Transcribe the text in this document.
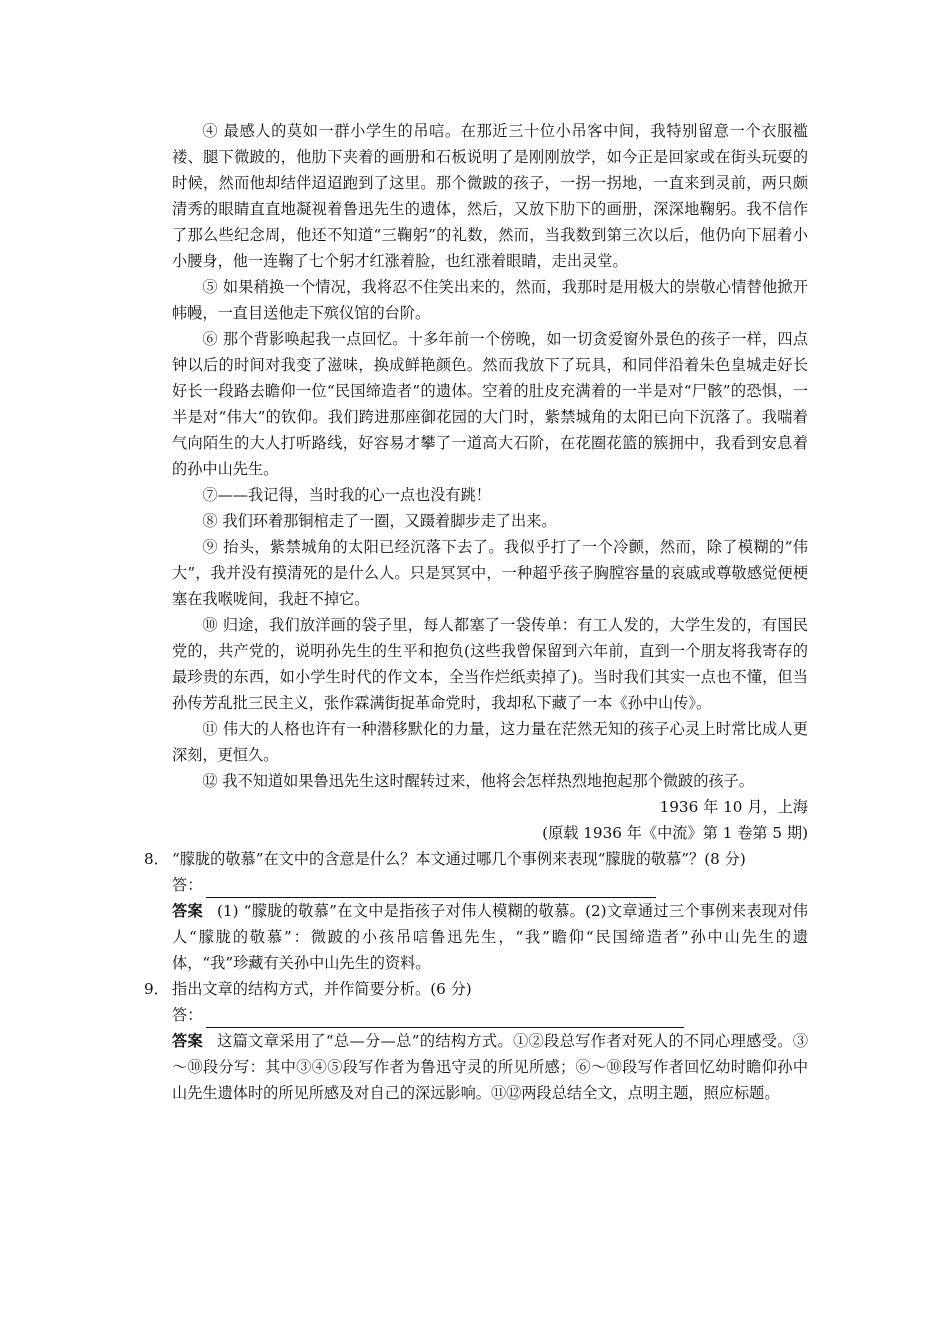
④ 最感人的莫如一群小学生的吊唁。在那近三十位小吊客中间，我特别留意一个衣服褴褛、腿下微跛的，他肋下夹着的画册和石板说明了是刚刚放学，如今正是回家或在街头玩耍的时候，然而他却结伴迢迢跑到了这里。那个微跛的孩子，一拐一拐地，一直来到灵前，两只颇清秀的眼睛直直地凝视着鲁迅先生的遗体，然后，又放下肋下的画册，深深地鞠躬。我不信作了那么些纪念周，他还不知道“三鞠躬”的礼数，然而，当我数到第三次以后，他仍向下屈着小小腰身，他一连鞠了七个躬才红涨着脸，也红涨着眼睛，走出灵堂。

⑤ 如果稍换一个情况，我将忍不住笑出来的，然而，我那时是用极大的崇敬心情替他掀开帏幔，一直目送他走下殡仪馆的台阶。

⑥ 那个背影唤起我一点回忆。十多年前一个傍晚，如一切贪爱窗外景色的孩子一样，四点钟以后的时间对我变了滋味，换成鲜艳颜色。然而我放下了玩具，和同伴沿着朱色皇城走好长好长一段路去瞻仰一位“民国缔造者”的遗体。空着的肚皮充满着的一半是对“尸骸”的恐惧，一半是对“伟大”的钦仰。我们跨进那座御花园的大门时，紫禁城角的太阳已向下沉落了。我喘着气向陌生的大人打听路线，好容易才攀了一道高大石阶，在花圈花篮的簇拥中，我看到安息着的孙中山先生。

⑦——我记得，当时我的心一点也没有跳！

⑧ 我们环着那铜棺走了一圈，又蹑着脚步走了出来。

⑨ 抬头，紫禁城角的太阳已经沉落下去了。我似乎打了一个冷颤，然而，除了模糊的“伟大”，我并没有摸清死的是什么人。只是冥冥中，一种超乎孩子胸膛容量的哀戚或尊敬感觉便梗塞在我喉咙间，我赶不掉它。

⑩ 归途，我们放洋画的袋子里，每人都塞了一袋传单：有工人发的，大学生发的，有国民党的，共产党的，说明孙先生的生平和抱负(这些我曾保留到六年前，直到一个朋友将我寄存的最珍贵的东西，如小学生时代的作文本，全当作烂纸卖掉了)。当时我们其实一点也不懂，但当孙传芳乱批三民主义，张作霖满街捉革命党时，我却私下藏了一本《孙中山传》。

⑪ 伟大的人格也许有一种潜移默化的力量，这力量在茫然无知的孩子心灵上时常比成人更深刻，更恒久。

⑫ 我不知道如果鲁迅先生这时醒转过来，他将会怎样热烈地抱起那个微跛的孩子。

1936 年 10 月，上海

(原载 1936 年《中流》第 1 卷第 5 期)

8． “朦胧的敬慕”在文中的含意是什么？本文通过哪几个事例来表现“朦胧的敬慕”？(8 分)

答：

答案 (1) “朦胧的敬慕”在文中是指孩子对伟人模糊的敬慕。(2)文章通过三个事例来表现对伟人“朦胧的敬慕”：微跛的小孩吊唁鲁迅先生，“我”瞻仰“民国缔造者”孙中山先生的遗体，“我”珍藏有关孙中山先生的资料。

9． 指出文章的结构方式，并作简要分析。(6 分)

答：

答案 这篇文章采用了“总—分—总”的结构方式。①②段总写作者对死人的不同心理感受。③～⑩段分写：其中③④⑤段写作者为鲁迅守灵的所见所感；⑥～⑩段写作者回忆幼时瞻仰孙中山先生遗体时的所见所感及对自己的深远影响。⑪⑫两段总结全文，点明主题，照应标题。
